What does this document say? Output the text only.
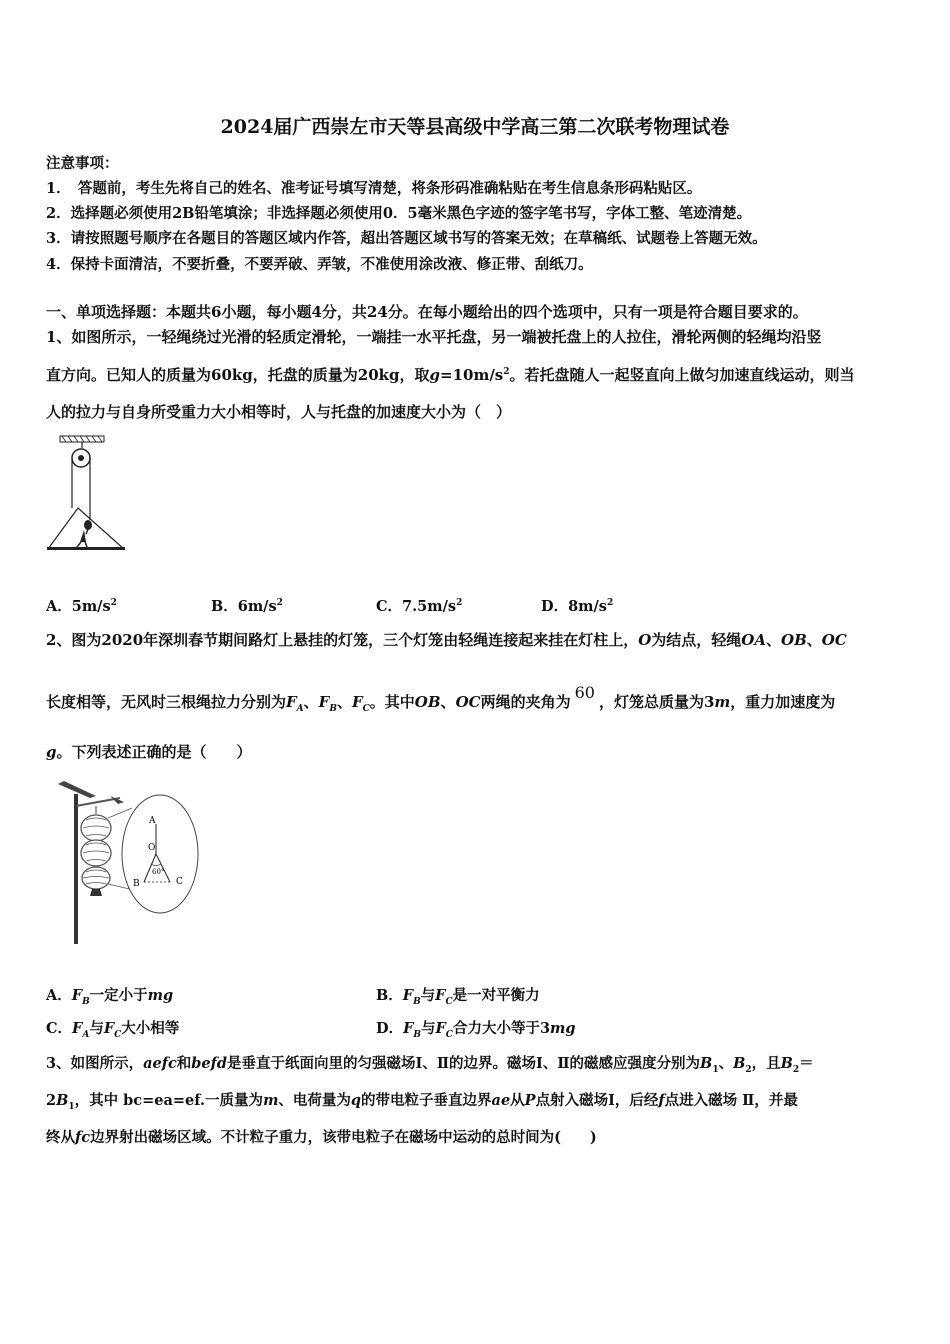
2024届广西崇左市天等县高级中学高三第二次联考物理试卷
注意事项：
1．　答题前，考生先将自己的姓名、准考证号填写清楚，将条形码准确粘贴在考生信息条形码粘贴区。
2．选择题必须使用2B铅笔填涂；非选择题必须使用0．5毫米黑色字迹的签字笔书写，字体工整、笔迹清楚。
3．请按照题号顺序在各题目的答题区域内作答，超出答题区域书写的答案无效；在草稿纸、试题卷上答题无效。
4．保持卡面清洁，不要折叠，不要弄破、弄皱，不准使用涂改液、修正带、刮纸刀。
一、单项选择题：本题共6小题，每小题4分，共24分。在每小题给出的四个选项中，只有一项是符合题目要求的。
1、如图所示，一轻绳绕过光滑的轻质定滑轮，一端挂一水平托盘，另一端被托盘上的人拉住，滑轮两侧的轻绳均沿竖
直方向。已知人的质量为60kg，托盘的质量为20kg，取$g=10m/s^2$。若托盘随人一起竖直向上做匀加速直线运动，则当
人的拉力与自身所受重力大小相等时，人与托盘的加速度大小为（　）
A．$5m/s^2$	B．$6m/s^2$	C．$7.5m/s^2$	D．$8m/s^2$
2、图为2020年深圳春节期间路灯上悬挂的灯笼，三个灯笼由轻绳连接起来挂在灯柱上，O为结点，轻绳OA、OB、OC
长度相等，无风时三根绳拉力分别为$F_A$、$F_B$、$F_C$。其中OB、OC两绳的夹角为 60 ，灯笼总质量为3m，重力加速度为
g。下列表述正确的是（　　）
A
O
60°
B	C
A．$F_B$一定小于mg	B．$F_B$与$F_C$是一对平衡力
C．$F_A$与$F_C$大小相等	D．$F_B$与$F_C$合力大小等于3mg
3、如图所示，aefc和befd是垂直于纸面向里的匀强磁场Ⅰ、Ⅱ的边界。磁场Ⅰ、Ⅱ的磁感应强度分别为$B_1$、$B_2$，且$B_2=$
$2B_1$，其中 bc=ea=ef.一质量为m、电荷量为q的带电粒子垂直边界ae从P点射入磁场Ⅰ，后经f点进入磁场 Ⅱ，并最
终从fc边界射出磁场区域。不计粒子重力，该带电粒子在磁场中运动的总时间为(　　)
